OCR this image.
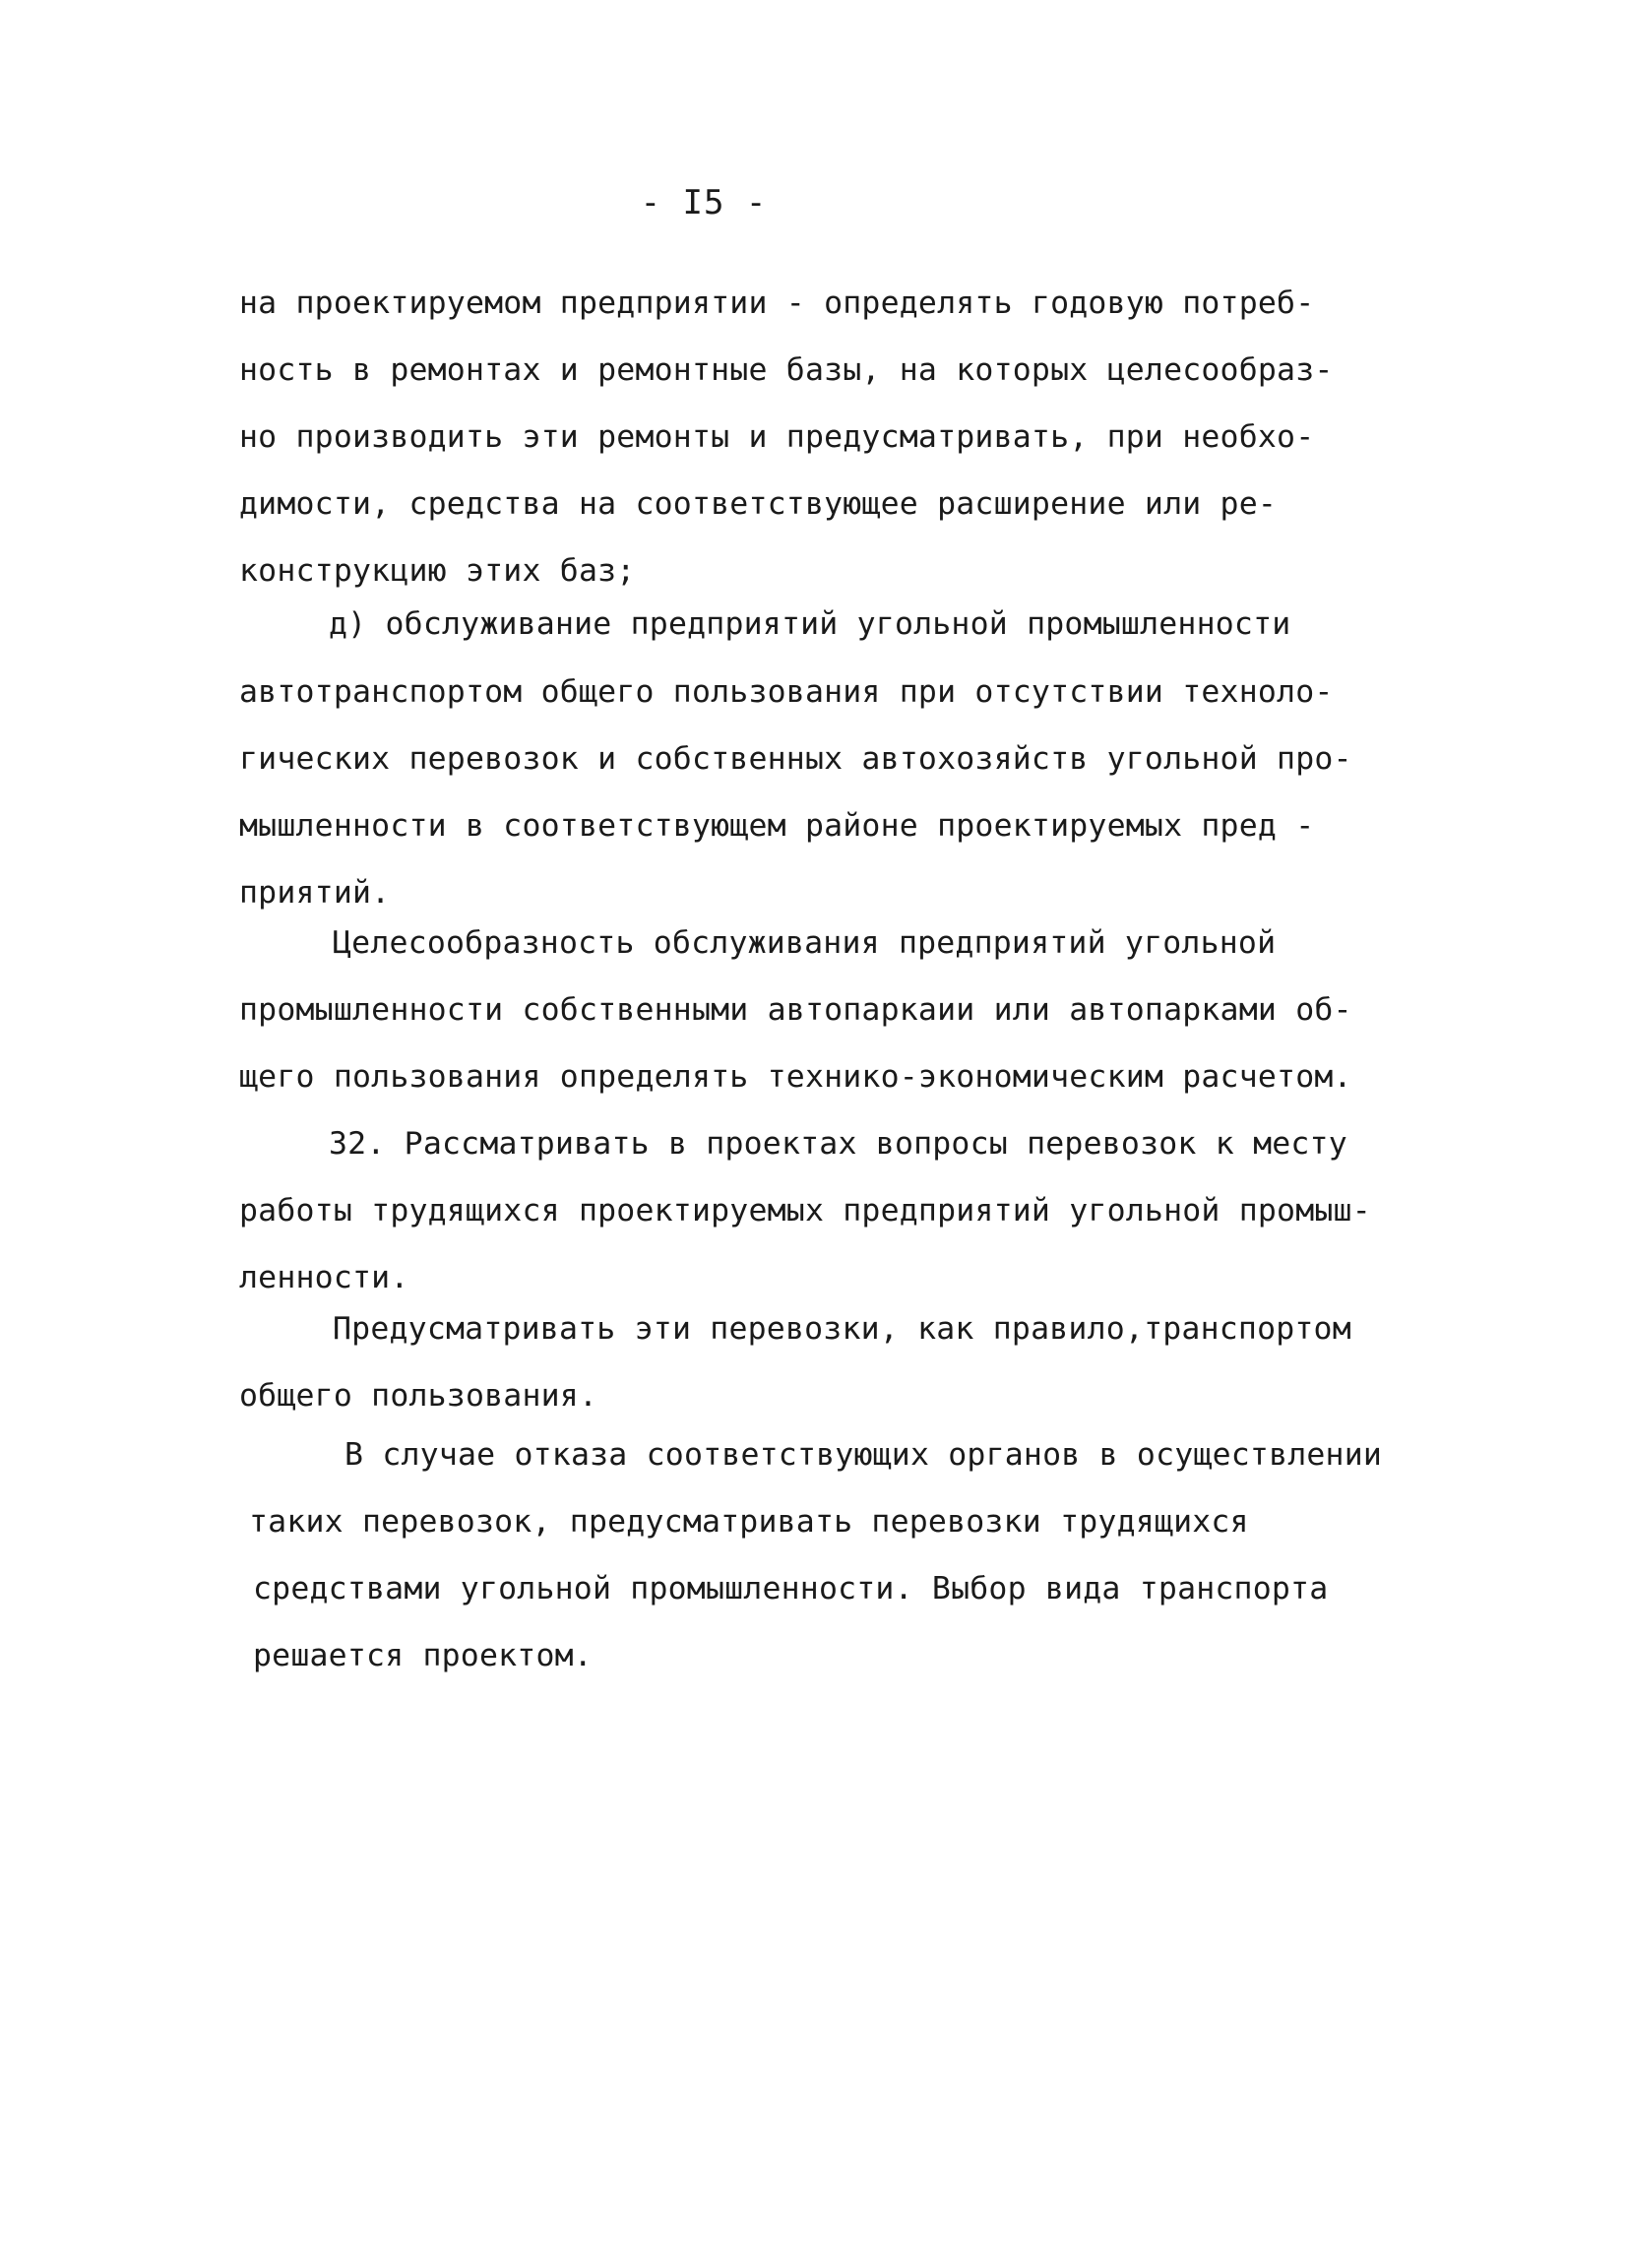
- I5 -
на проектируемом предприятии - определять годовую потреб-
ность в ремонтах и ремонтные базы, на которых целесообраз-
но производить эти ремонты и предусматривать, при необхо-
димости, средства на соответствующее расширение или ре-
конструкцию этих баз;
д) обслуживание предприятий угольной промышленности
автотранспортом общего пользования при отсутствии техноло-
гических перевозок и собственных автохозяйств угольной про-
мышленности в соответствующем районе проектируемых пред -
приятий.
Целесообразность обслуживания предприятий угольной
промышленности собственными автопаркаии или автопарками об-
щего пользования определять технико-экономическим расчетом.
32. Рассматривать в проектах вопросы перевозок к месту
работы трудящихся проектируемых предприятий угольной промыш-
ленности.
Предусматривать эти перевозки, как правило,транспортом
общего пользования.
В случае отказа соответствующих органов в осуществлении
таких перевозок, предусматривать перевозки трудящихся
средствами угольной промышленности. Выбор вида транспорта
решается проектом.
